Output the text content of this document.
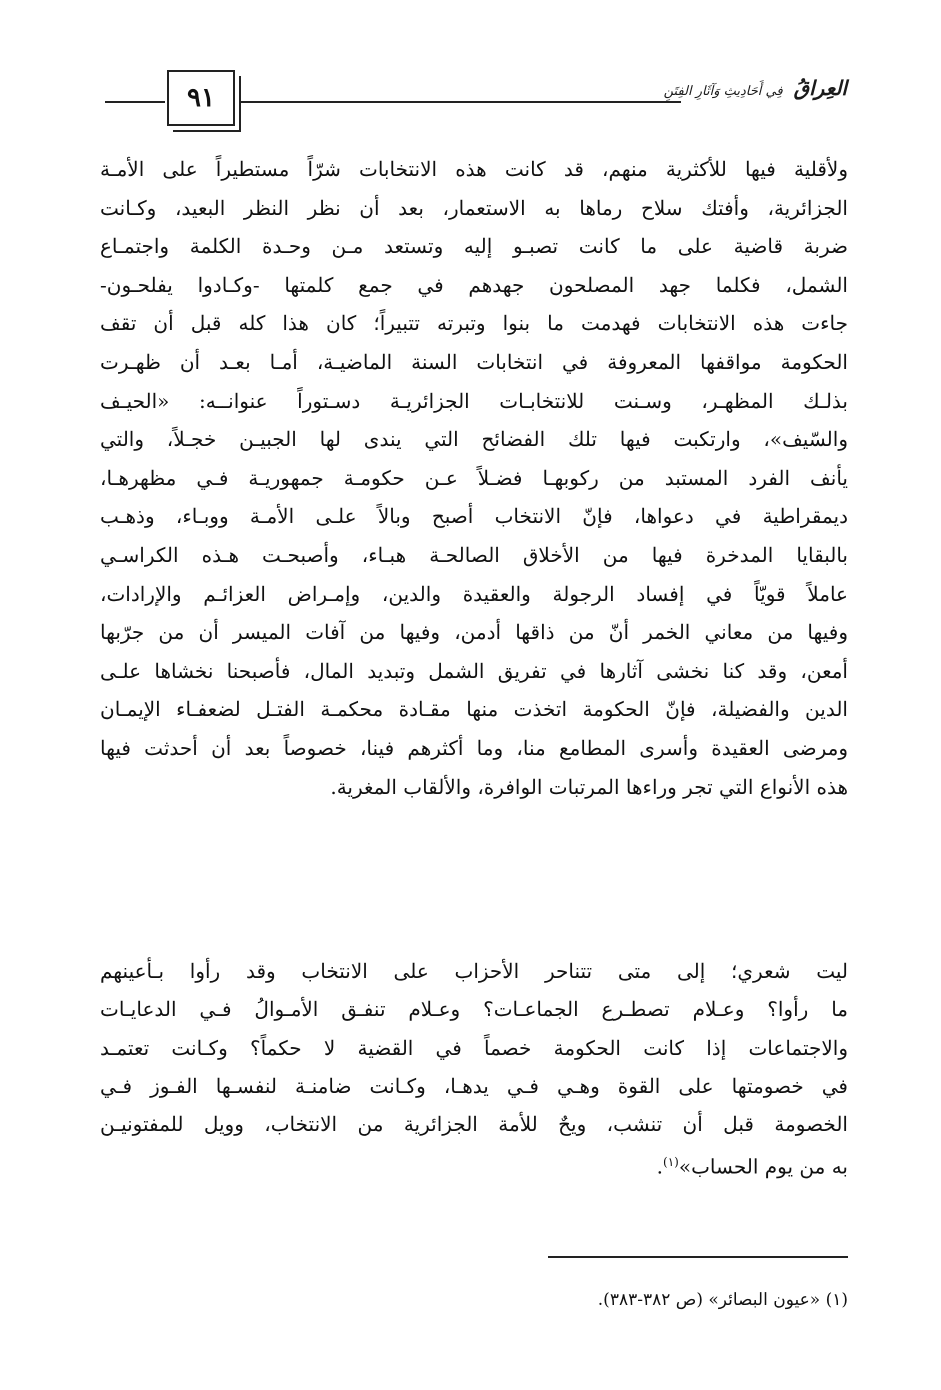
٩١	العِراقُ فِي أَحَادِيثِ وَآثَارِ الفِتَنِ
ولأقلية فيها للأكثرية منهم، قد كانت هذه الانتخابات شرّاً مستطيراً على الأمـة
الجزائرية، وأفتك سلاح رماها به الاستعمار، بعد أن نظر النظر البعيد، وكـانت
ضربة قاضية على ما كانت تصبـو إليه وتستعد مـن وحـدة الكلمة واجتمـاع
الشمل، فكلما جهد المصلحون جهدهم في جمع كلمتها -وكـادوا يفلحـون-
جاءت هذه الانتخابات فهدمت ما بنوا وتبرته تتبيراً؛ كان هذا كله قبل أن تقف
الحكومة مواقفها المعروفة في انتخابات السنة الماضيـة، أمـا بعـد أن ظهـرت
بذلـك المظهـر، وسـنت للانتخابـات الجزائريـة دسـتوراً عنوانــه: «الحيـف
والسّيف»، وارتكبت فيها تلك الفضائح التي يندى لها الجبيـن خجـلاً، والتي
يأنف الفرد المستبد من ركوبهـا فضـلاً عـن حكومـة جمهوريـة فـي مظهرهـا،
ديمقراطية في دعواها، فإنّ الانتخاب أصبح وبالاً علـى الأمـة ووبـاء، وذهـب
بالبقايا المدخرة فيها من الأخلاق الصالحـة هبـاء، وأصبحـت هـذه الكراسـي
عاملاً قويّاً في إفساد الرجولة والعقيدة والدين، وإمـراض العزائـم والإرادات،
وفيها من معاني الخمر أنّ من ذاقها أدمن، وفيها من آفات الميسر أن من جرّبها
أمعن، وقد كنا نخشى آثارها في تفريق الشمل وتبديد المال، فأصبحنا نخشاها علـى
الدين والفضيلة، فإنّ الحكومة اتخذت منها مقـادة محكمـة الفتـل لضعفـاء الإيمـان
ومرضى العقيدة وأسرى المطامع منا، وما أكثرهم فينا، خصوصاً بعد أن أحدثت فيها
هذه الأنواع التي تجر وراءها المرتبات الوافرة، والألقاب المغرية.
ليت شعري؛ إلى متى تتناحر الأحزاب على الانتخاب وقد رأوا بـأعينهم
ما رأوا؟ وعـلام تصطـرع الجماعـات؟ وعـلام تنفـق الأمـوالُ فـي الدعايـات
والاجتماعات إذا كانت الحكومة خصماً في القضية لا حكماً؟ وكـانت تعتمـد
في خصومتها على القوة وهـي فـي يدهـا، وكـانت ضامنـة لنفسـها الفـوز فـي
الخصومة قبل أن تنشب، ويحٌ للأمة الجزائرية من الانتخاب، وويل للمفتونيـن
به من يوم الحساب»$^{(١)}$.
(١) «عيون البصائر» (ص ٣٨٢-٣٨٣).
